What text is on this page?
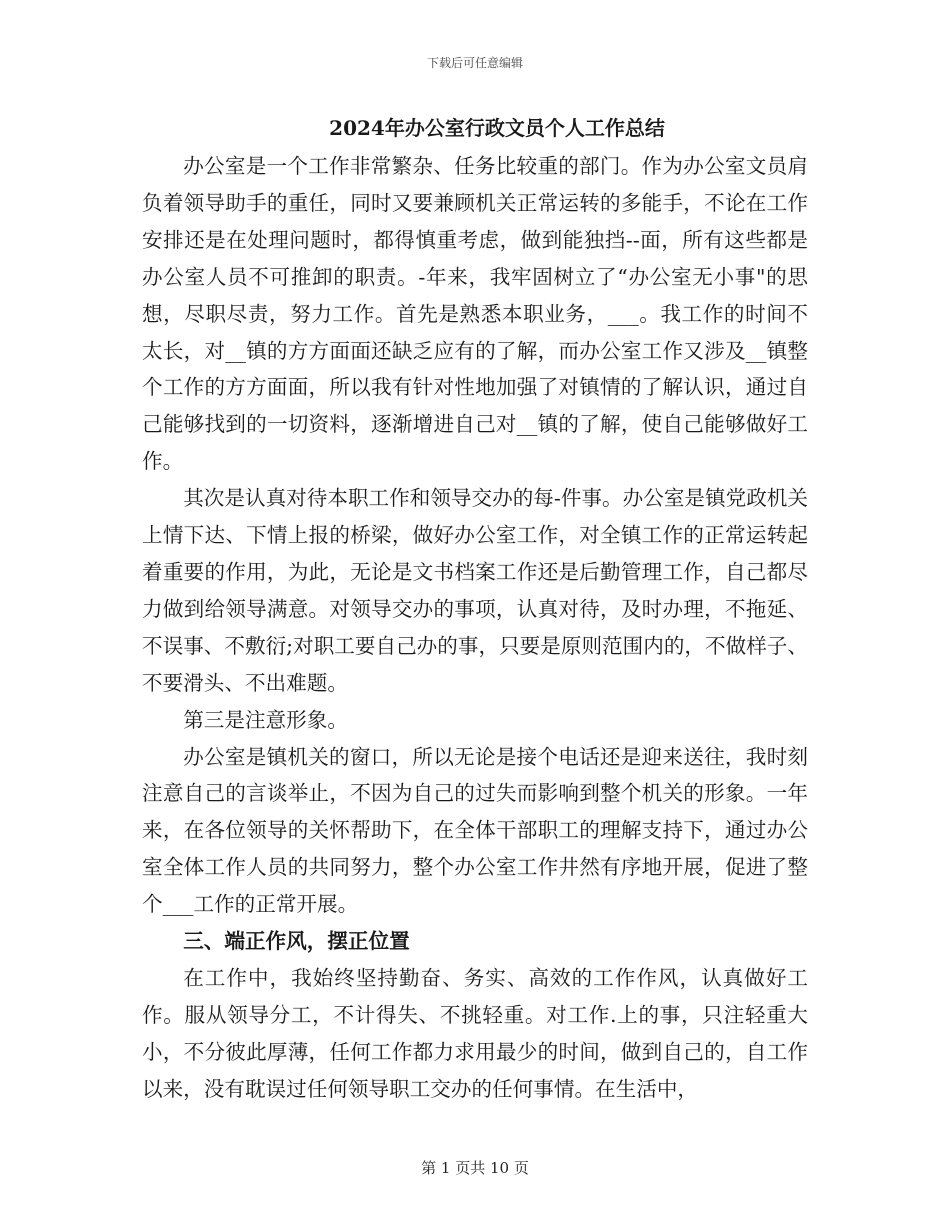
下载后可任意编辑
2024年办公室行政文员个人工作总结

办公室是一个工作非常繁杂、任务比较重的部门。作为办公室文员肩负着领导助手的重任，同时又要兼顾机关正常运转的多能手，不论在工作安排还是在处理问题时，都得慎重考虑，做到能独挡--面，所有这些都是办公室人员不可推卸的职责。-年来，我牢固树立了“办公室无小事"的思想，尽职尽责，努力工作。首先是熟悉本职业务，___。我工作的时间不太长，对__镇的方方面面还缺乏应有的了解，而办公室工作又涉及__镇整个工作的方方面面，所以我有针对性地加强了对镇情的了解认识，通过自己能够找到的一切资料，逐渐增进自己对__镇的了解，使自己能够做好工作。

其次是认真对待本职工作和领导交办的每-件事。办公室是镇党政机关上情下达、下情上报的桥梁，做好办公室工作，对全镇工作的正常运转起着重要的作用，为此，无论是文书档案工作还是后勤管理工作，自己都尽力做到给领导满意。对领导交办的事项，认真对待，及时办理，不拖延、不误事、不敷衍;对职工要自己办的事，只要是原则范围内的，不做样子、不要滑头、不出难题。

第三是注意形象。

办公室是镇机关的窗口，所以无论是接个电话还是迎来送往，我时刻注意自己的言谈举止，不因为自己的过失而影响到整个机关的形象。一年来，在各位领导的关怀帮助下，在全体干部职工的理解支持下，通过办公室全体工作人员的共同努力，整个办公室工作井然有序地开展，促进了整个___工作的正常开展。

三、端正作风，摆正位置

在工作中，我始终坚持勤奋、务实、高效的工作作风，认真做好工作。服从领导分工，不计得失、不挑轻重。对工作.上的事，只注轻重大小，不分彼此厚薄，任何工作都力求用最少的时间，做到自己的，自工作以来，没有耽误过任何领导职工交办的任何事情。在生活中，

第 1 页共 10 页
